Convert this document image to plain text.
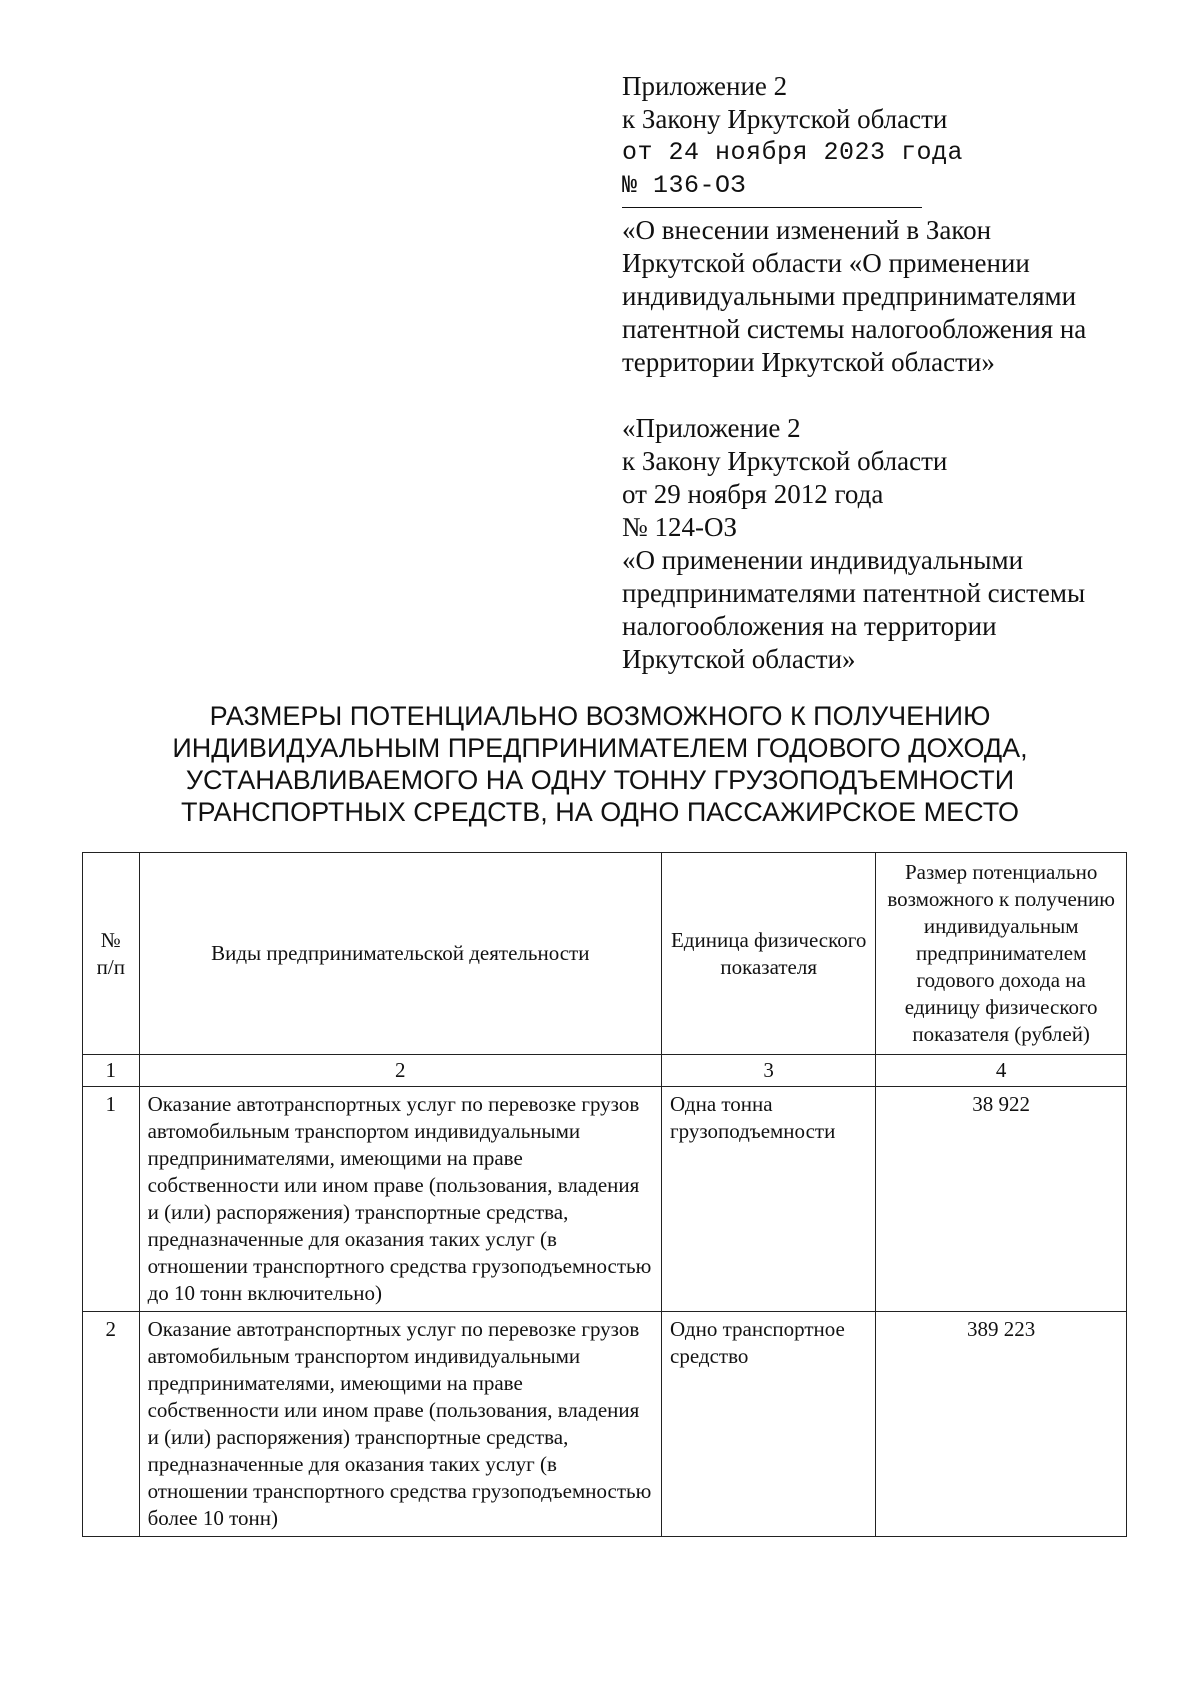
Приложение 2
к Закону Иркутской области
от 24 ноября 2023 года
№ 136-ОЗ
«О внесении изменений в Закон
Иркутской области «О применении
индивидуальными предпринимателями
патентной системы налогообложения на
территории Иркутской области»
«Приложение 2
к Закону Иркутской области
от 29 ноября 2012 года
№ 124-ОЗ
«О применении индивидуальными
предпринимателями патентной системы
налогообложения на территории
Иркутской области»
РАЗМЕРЫ ПОТЕНЦИАЛЬНО ВОЗМОЖНОГО К ПОЛУЧЕНИЮ
ИНДИВИДУАЛЬНЫМ ПРЕДПРИНИМАТЕЛЕМ ГОДОВОГО ДОХОДА,
УСТАНАВЛИВАЕМОГО НА ОДНУ ТОННУ ГРУЗОПОДЪЕМНОСТИ
ТРАНСПОРТНЫХ СРЕДСТВ, НА ОДНО ПАССАЖИРСКОЕ МЕСТО
№ п/п	Виды предпринимательской деятельности	Единица физического показателя	Размер потенциально возможного к получению индивидуальным предпринимателем годового дохода на единицу физического показателя (рублей)
1	2	3	4
1	Оказание автотранспортных услуг по перевозке грузов автомобильным транспортом индивидуальными предпринимателями, имеющими на праве собственности или ином праве (пользования, владения и (или) распоряжения) транспортные средства, предназначенные для оказания таких услуг (в отношении транспортного средства грузоподъемностью до 10 тонн включительно)	Одна тонна грузоподъемности	38 922
2	Оказание автотранспортных услуг по перевозке грузов автомобильным транспортом индивидуальными предпринимателями, имеющими на праве собственности или ином праве (пользования, владения и (или) распоряжения) транспортные средства, предназначенные для оказания таких услуг (в отношении транспортного средства грузоподъемностью более 10 тонн)	Одно транспортное средство	389 223
